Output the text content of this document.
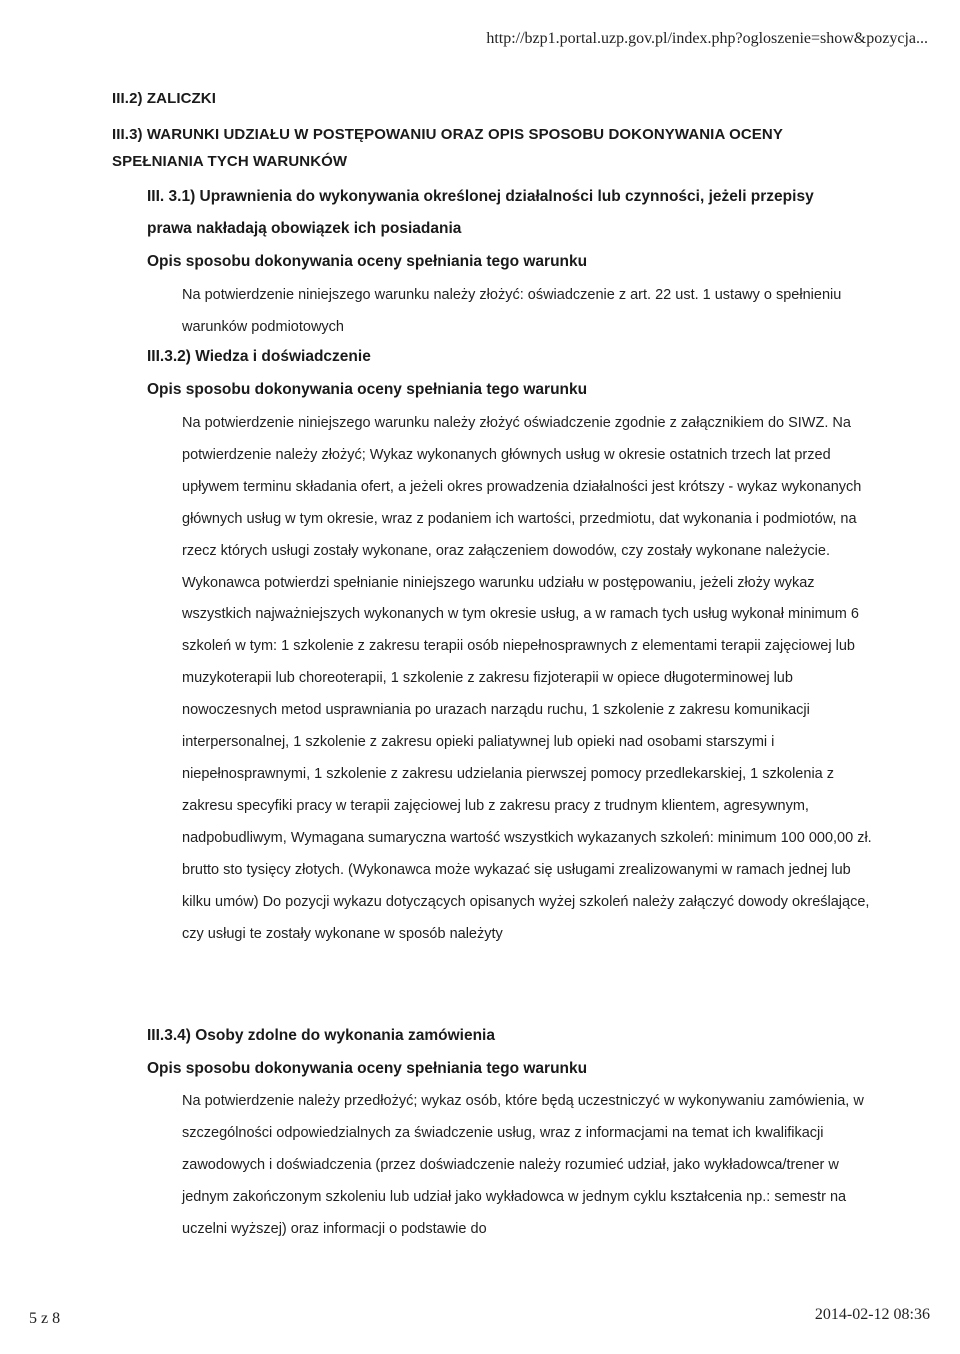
http://bzp1.portal.uzp.gov.pl/index.php?ogloszenie=show&pozycja...
III.2) ZALICZKI
III.3) WARUNKI UDZIAŁU W POSTĘPOWANIU ORAZ OPIS SPOSOBU DOKONYWANIA OCENY
SPEŁNIANIA TYCH WARUNKÓW
III. 3.1) Uprawnienia do wykonywania określonej działalności lub czynności, jeżeli przepisy
prawa nakładają obowiązek ich posiadania
Opis sposobu dokonywania oceny spełniania tego warunku
Na potwierdzenie niniejszego warunku należy złożyć: oświadczenie z art. 22 ust. 1 ustawy o spełnieniu warunków podmiotowych
III.3.2) Wiedza i doświadczenie
Opis sposobu dokonywania oceny spełniania tego warunku
Na potwierdzenie niniejszego warunku należy złożyć oświadczenie zgodnie z załącznikiem do SIWZ. Na potwierdzenie należy złożyć; Wykaz wykonanych głównych usług w okresie ostatnich trzech lat przed upływem terminu składania ofert, a jeżeli okres prowadzenia działalności jest krótszy - wykaz wykonanych głównych usług w tym okresie, wraz z podaniem ich wartości, przedmiotu, dat wykonania i podmiotów, na rzecz których usługi zostały wykonane, oraz załączeniem dowodów, czy zostały wykonane należycie. Wykonawca potwierdzi spełnianie niniejszego warunku udziału w postępowaniu, jeżeli złoży wykaz wszystkich najważniejszych wykonanych w tym okresie usług, a w ramach tych usług wykonał minimum 6 szkoleń w tym: 1 szkolenie z zakresu terapii osób niepełnosprawnych z elementami terapii zajęciowej lub muzykoterapii lub choreoterapii, 1 szkolenie z zakresu fizjoterapii w opiece długoterminowej lub nowoczesnych metod usprawniania po urazach narządu ruchu, 1 szkolenie z zakresu komunikacji interpersonalnej, 1 szkolenie z zakresu opieki paliatywnej lub opieki nad osobami starszymi i niepełnosprawnymi, 1 szkolenie z zakresu udzielania pierwszej pomocy przedlekarskiej, 1 szkolenia z zakresu specyfiki pracy w terapii zajęciowej lub z zakresu pracy z trudnym klientem, agresywnym, nadpobudliwym, Wymagana sumaryczna wartość wszystkich wykazanych szkoleń: minimum 100 000,00 zł. brutto sto tysięcy złotych. (Wykonawca może wykazać się usługami zrealizowanymi w ramach jednej lub kilku umów) Do pozycji wykazu dotyczących opisanych wyżej szkoleń należy załączyć dowody określające, czy usługi te zostały wykonane w sposób należyty
III.3.4) Osoby zdolne do wykonania zamówienia
Opis sposobu dokonywania oceny spełniania tego warunku
Na potwierdzenie należy przedłożyć; wykaz osób, które będą uczestniczyć w wykonywaniu zamówienia, w szczególności odpowiedzialnych za świadczenie usług, wraz z informacjami na temat ich kwalifikacji zawodowych i doświadczenia (przez doświadczenie należy rozumieć udział, jako wykładowca/trener w jednym zakończonym szkoleniu lub udział jako wykładowca w jednym cyklu kształcenia np.: semestr na uczelni wyższej) oraz informacji o podstawie do
5 z 8	2014-02-12 08:36
